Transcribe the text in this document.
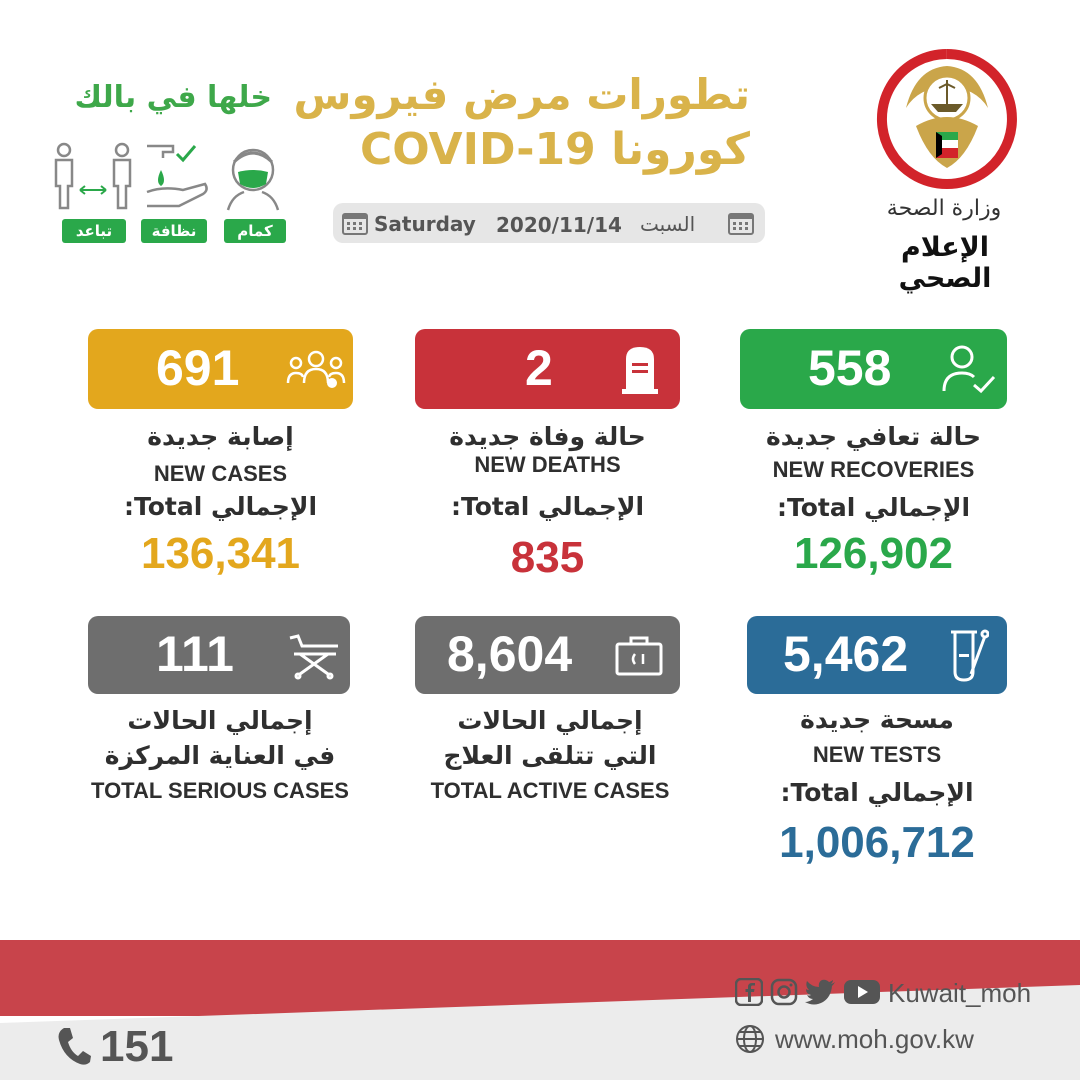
وزارة الصحة
الإعلام الصحي
تطورات مرض فيروس
كورونا COVID-19
Saturday 2020/11/14 السبت
خلها في بالك
تباعد	نظافة	كمام
691	2	558
إصابة جديدة
NEW CASES
الإجمالي Total:
136,341
حالة وفاة جديدة
NEW DEATHS
الإجمالي Total:
835
حالة تعافي جديدة
NEW RECOVERIES
الإجمالي Total:
126,902
111	8,604	5,462
إجمالي الحالات
في العناية المركزة
TOTAL SERIOUS CASES
إجمالي الحالات
التي تتلقى العلاج
TOTAL ACTIVE CASES
مسحة جديدة
NEW TESTS
الإجمالي Total:
1,006,712
Kuwait_moh
www.moh.gov.kw
151
